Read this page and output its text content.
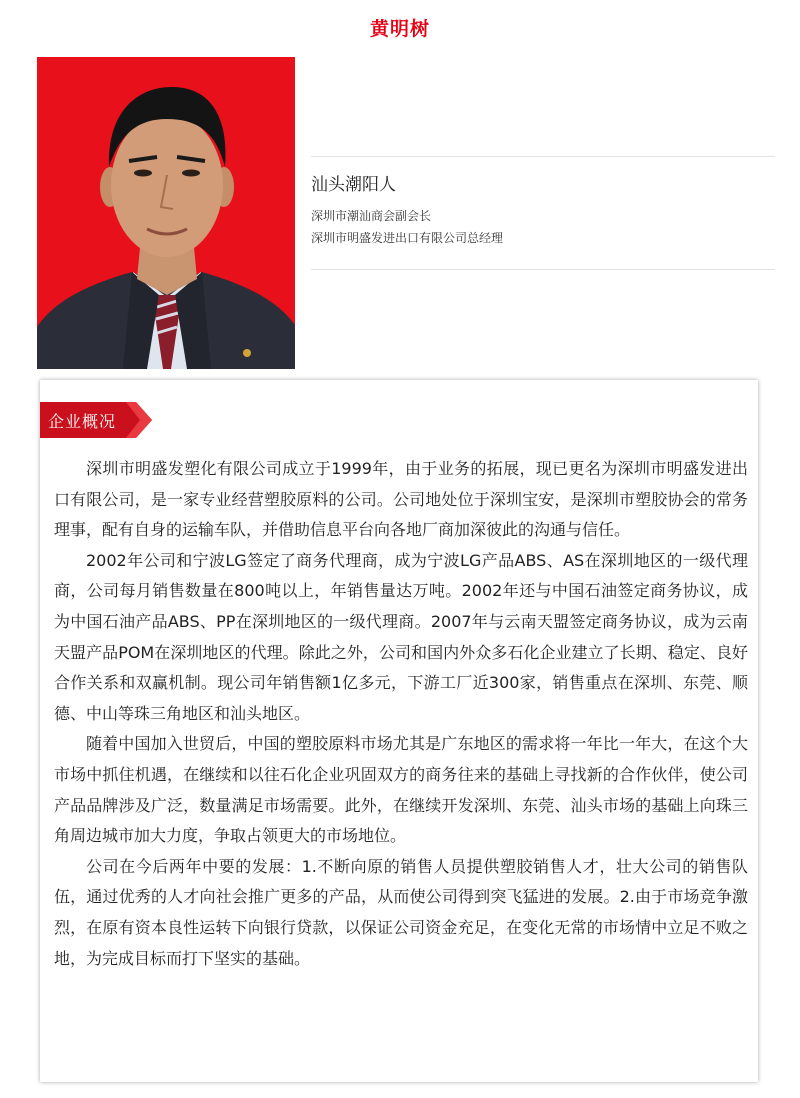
黄明树
汕头潮阳人
深圳市潮汕商会副会长
深圳市明盛发进出口有限公司总经理
企业概况

深圳市明盛发塑化有限公司成立于1999年，由于业务的拓展，现已更名为深圳市明盛发进出口有限公司，是一家专业经营塑胶原料的公司。公司地处位于深圳宝安，是深圳市塑胶协会的常务理事，配有自身的运输车队，并借助信息平台向各地厂商加深彼此的沟通与信任。

2002年公司和宁波LG签定了商务代理商，成为宁波LG产品ABS、AS在深圳地区的一级代理商，公司每月销售数量在800吨以上，年销售量达万吨。2002年还与中国石油签定商务协议，成为中国石油产品ABS、PP在深圳地区的一级代理商。2007年与云南天盟签定商务协议，成为云南天盟产品POM在深圳地区的代理。除此之外，公司和国内外众多石化企业建立了长期、稳定、良好合作关系和双赢机制。现公司年销售额1亿多元，下游工厂近300家，销售重点在深圳、东莞、顺德、中山等珠三角地区和汕头地区。

随着中国加入世贸后，中国的塑胶原料市场尤其是广东地区的需求将一年比一年大，在这个大市场中抓住机遇，在继续和以往石化企业巩固双方的商务往来的基础上寻找新的合作伙伴，使公司产品品牌涉及广泛，数量满足市场需要。此外，在继续开发深圳、东莞、汕头市场的基础上向珠三角周边城市加大力度，争取占领更大的市场地位。

公司在今后两年中要的发展：1.不断向原的销售人员提供塑胶销售人才，壮大公司的销售队伍，通过优秀的人才向社会推广更多的产品，从而使公司得到突飞猛进的发展。2.由于市场竞争激烈，在原有资本良性运转下向银行贷款，以保证公司资金充足，在变化无常的市场情中立足不败之地，为完成目标而打下坚实的基础。
